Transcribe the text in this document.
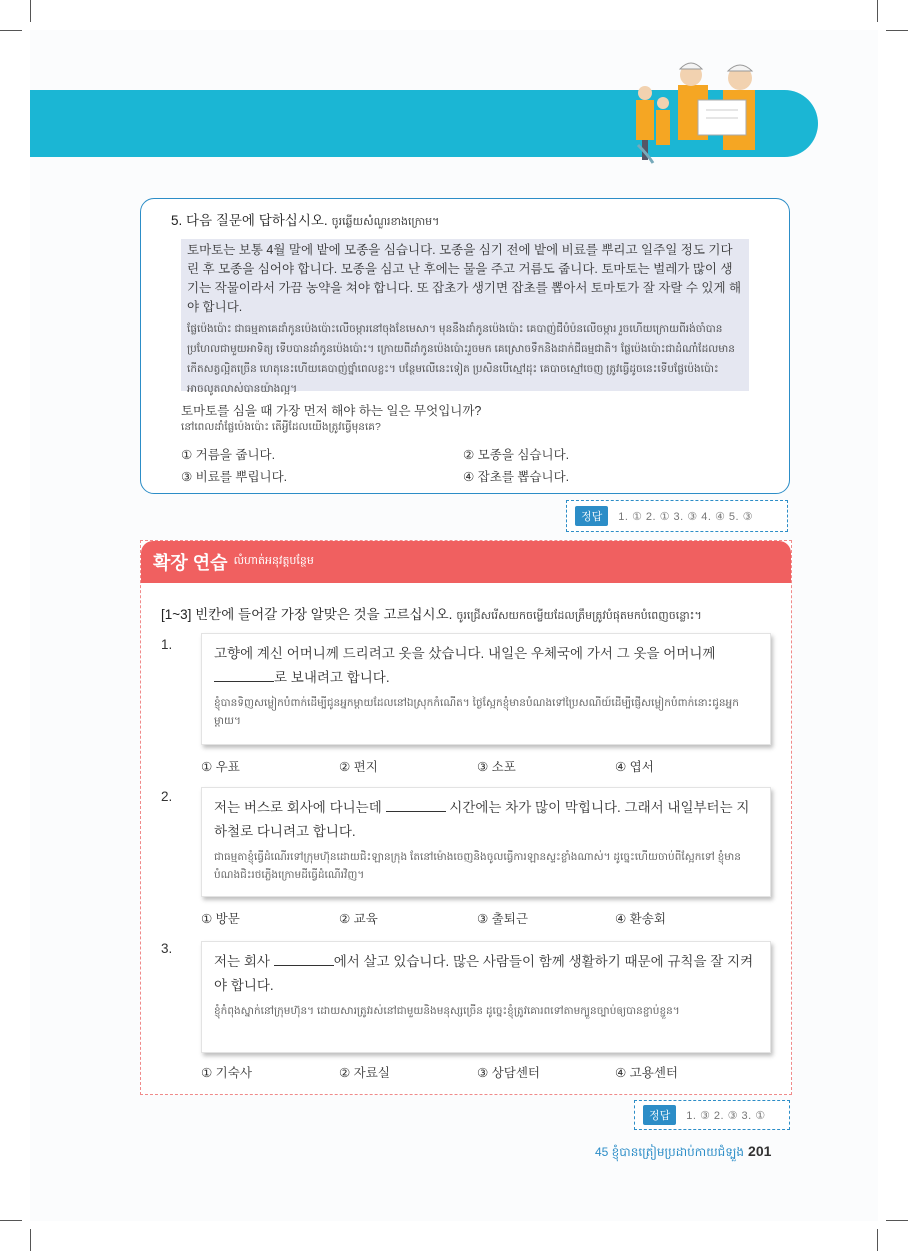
5. 다음 질문에 답하십시오. ចូរឆ្លើយសំណួរខាងក្រោម។
토마토는 보통 4월 말에 밭에 모종을 심습니다. 모종을 심기 전에 밭에 비료를 뿌리고 일주일 정도 기다린 후 모종을 심어야 합니다. 모종을 심고 난 후에는 물을 주고 거름도 줍니다. 토마토는 벌레가 많이 생기는 작물이라서 가끔 농약을 쳐야 합니다. 또 잡초가 생기면 잡초를 뽑아서 토마토가 잘 자랄 수 있게 해야 합니다.
ផ្លែប៉េងប៉ោះ ជាធម្មតាគេដាំកូនប៉េងប៉ោះលើចម្ការនៅចុងខែមេសា។ មុននឹងដាំកូនប៉េងប៉ោះ គេបាញ់ជីបំប៉នលើចម្ការ រួចហើយក្រោយពីរង់ចាំបានប្រហែលជាមួយអាទិត្យ ទើបបានដាំកូនប៉េងប៉ោះ។ ក្រោយពីដាំកូនប៉េងប៉ោះរួចមក គេស្រោចទឹកនិងដាក់ជីធម្មជាតិ។ ផ្លែប៉េងប៉ោះជាដំណាំដែលមានកើតសត្វល្អិតច្រើន ហេតុនេះហើយគេបាញ់ថ្នាំពេលខ្លះ។ បន្ថែមលើនេះទៀត ប្រសិនបើស្មៅដុះ គេបាចស្មៅចេញ ត្រូវធ្វើដូចនេះទើបផ្លែប៉េងប៉ោះអាចលូតលាស់បានយ៉ាងល្អ។
토마토를 심을 때 가장 먼저 해야 하는 일은 무엇입니까?
នៅពេលដាំផ្លែប៉េងប៉ោះ តើអ្វីដែលយើងត្រូវធ្វើមុនគេ?
① 거름을 줍니다.	② 모종을 심습니다.
③ 비료를 뿌립니다.	④ 잡초를 뽑습니다.
정답	1. ① 2. ① 3. ③ 4. ④ 5. ③
확장 연습 លំហាត់អនុវត្តបន្ថែម
[1~3] 빈칸에 들어갈 가장 알맞은 것을 고르십시오. ចូរជ្រើសរើសយកចម្លើយដែលត្រឹមត្រូវបំផុតមកបំពេញចន្លោះ។
1.
고향에 계신 어머니께 드리려고 옷을 샀습니다. 내일은 우체국에 가서 그 옷을 어머니께 로 보내려고 합니다.
ខ្ញុំបានទិញសម្លៀកបំពាក់ដើម្បីជូនអ្នកម្ដាយដែលនៅឯស្រុកកំណើត។ ថ្ងៃស្អែកខ្ញុំមានបំណងទៅប្រៃសណីយ៍ដើម្បីផ្ញើសម្លៀកបំពាក់នោះជូនអ្នកម្ដាយ។
① 우표	② 편지	③ 소포	④ 엽서
2.
저는 버스로 회사에 다니는데	시간에는 차가 많이 막힙니다. 그래서 내일부터는 지하철로 다니려고 합니다.
ជាធម្មតាខ្ញុំធ្វើដំណើរទៅក្រុមហ៊ុនដោយជិះឡានក្រុង តែនៅម៉ោងចេញនិងចូលធ្វើការឡានស្ទះខ្លាំងណាស់។ ដូច្នេះហើយចាប់ពីស្អែកទៅ ខ្ញុំមានបំណងជិះរថភ្លើងក្រោមដីធ្វើដំណើរវិញ។
① 방문	② 교육	③ 출퇴근	④ 환송회
3.
저는 회사	에서 살고 있습니다. 많은 사람들이 함께 생활하기 때문에 규칙을 잘 지켜야 합니다.
ខ្ញុំកំពុងស្នាក់នៅក្រុមហ៊ុន។ ដោយសារត្រូវរស់នៅជាមួយនិងមនុស្សច្រើន ដូច្នេះខ្ញុំត្រូវគោរពទៅតាមក្បួនច្បាប់ឲ្យបានខ្ជាប់ខ្ជួន។
① 기숙사	② 자료실	③ 상담센터	④ 고용센터
정답	1. ③ 2. ③ 3. ①
45 ខ្ញុំបានត្រៀមប្រដាប់កាយជំទ្បួង 201
